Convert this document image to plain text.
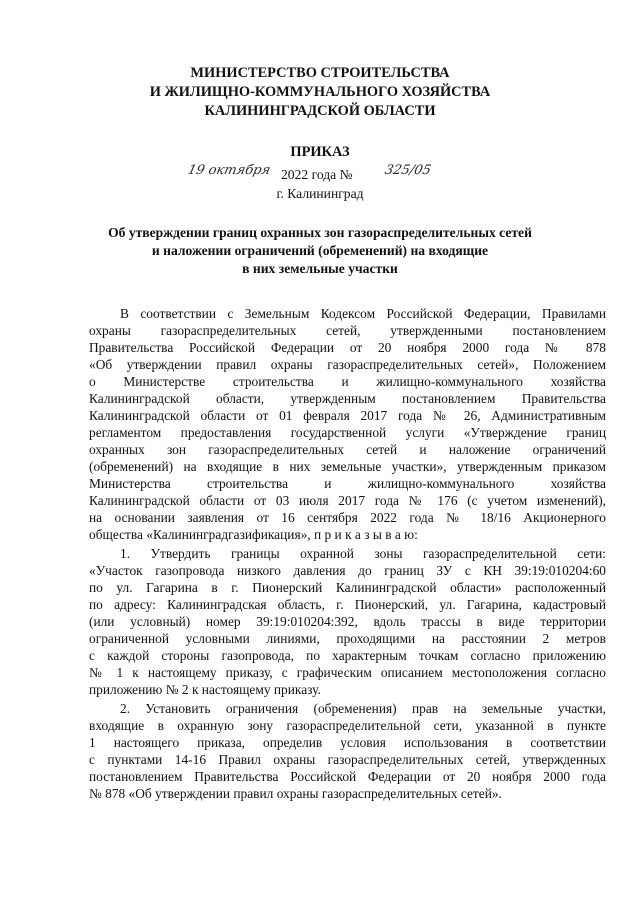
МИНИСТЕРСТВО СТРОИТЕЛЬСТВА
И ЖИЛИЩНО-КОММУНАЛЬНОГО ХОЗЯЙСТВА
КАЛИНИНГРАДСКОЙ ОБЛАСТИ
ПРИКАЗ
19 октября 2022 года № 325/05
г. Калининград
Об утверждении границ охранных зон газораспределительных сетей
и наложении ограничений (обременений) на входящие
в них земельные участки
В соответствии с Земельным Кодексом Российской Федерации, Правилами
охраны газораспределительных сетей, утвержденными постановлением
Правительства Российской Федерации от 20 ноября 2000 года № 878
«Об утверждении правил охраны газораспределительных сетей», Положением
о Министерстве строительства и жилищно-коммунального хозяйства
Калининградской области, утвержденным постановлением Правительства
Калининградской области от 01 февраля 2017 года № 26, Административным
регламентом предоставления государственной услуги «Утверждение границ
охранных зон газораспределительных сетей и наложение ограничений
(обременений) на входящие в них земельные участки», утвержденным приказом
Министерства строительства и жилищно-коммунального хозяйства
Калининградской области от 03 июля 2017 года № 176 (с учетом изменений),
на основании заявления от 16 сентября 2022 года № 18/16 Акционерного
общества «Калининградгазификация», п р и к а з ы в а ю:
1. Утвердить границы охранной зоны газораспределительной сети:
«Участок газопровода низкого давления до границ ЗУ с КН 39:19:010204:60
по ул. Гагарина в г. Пионерский Калининградской области» расположенный
по адресу: Калининградская область, г. Пионерский, ул. Гагарина, кадастровый
(или условный) номер 39:19:010204:392, вдоль трассы в виде территории
ограниченной условными линиями, проходящими на расстоянии 2 метров
с каждой стороны газопровода, по характерным точкам согласно приложению
№ 1 к настоящему приказу, с графическим описанием местоположения согласно
приложению № 2 к настоящему приказу.
2. Установить ограничения (обременения) прав на земельные участки,
входящие в охранную зону газораспределительной сети, указанной в пункте
1 настоящего приказа, определив условия использования в соответствии
с пунктами 14-16 Правил охраны газораспределительных сетей, утвержденных
постановлением Правительства Российской Федерации от 20 ноября 2000 года
№ 878 «Об утверждении правил охраны газораспределительных сетей».
